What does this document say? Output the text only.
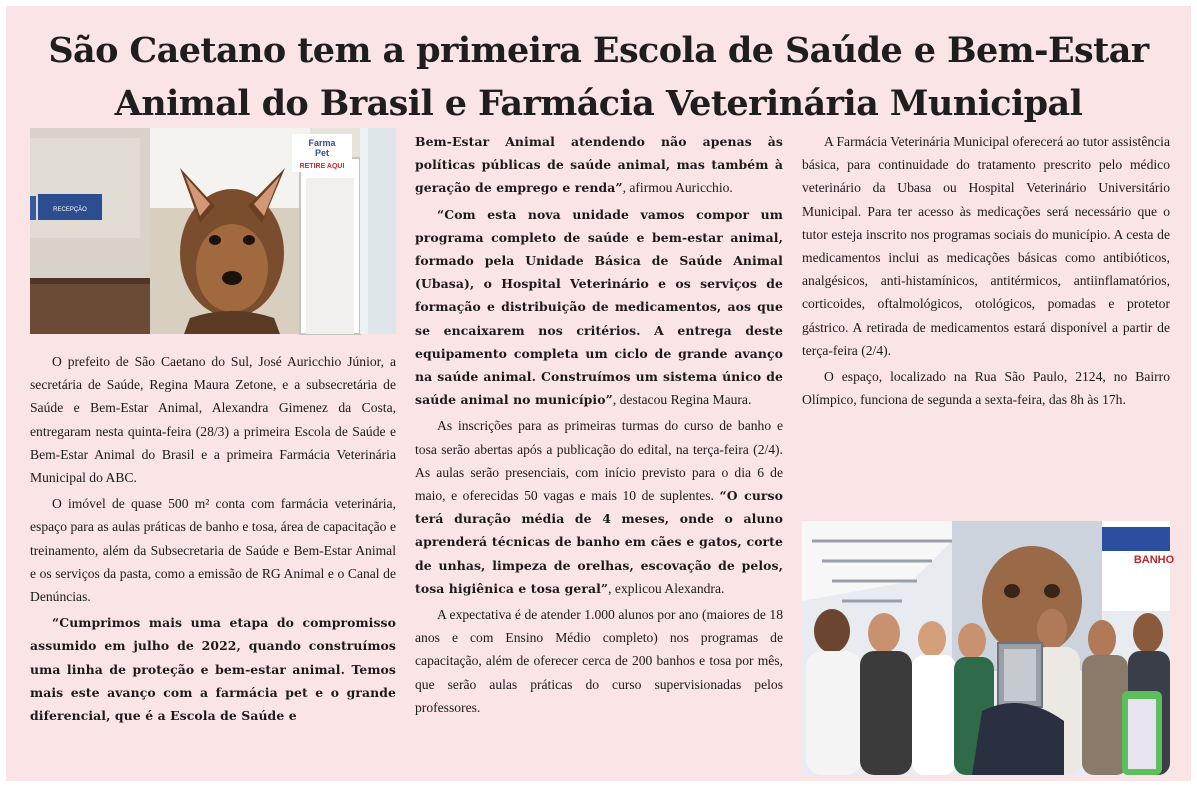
São Caetano tem a primeira Escola de Saúde e Bem-Estar
Animal do Brasil e Farmácia Veterinária Municipal
RECEPÇÃO
Farma
Pet
RETIRE AQUI

O prefeito de São Caetano do Sul, José Auricchio Júnior, a secretária de Saúde, Regina Maura Zetone, e a subsecretária de Saúde e Bem-Estar Animal, Alexandra Gimenez da Costa, entregaram nesta quinta-feira (28/3) a primeira Escola de Saúde e Bem-Estar Animal do Brasil e a primeira Farmácia Veterinária Municipal do ABC.

O imóvel de quase 500 m² conta com farmácia veterinária, espaço para as aulas práticas de banho e tosa, área de capacitação e treinamento, além da Subsecretaria de Saúde e Bem-Estar Animal e os serviços da pasta, como a emissão de RG Animal e o Canal de Denúncias.

“Cumprimos mais uma etapa do compromisso assumido em julho de 2022, quando construímos uma linha de proteção e bem-estar animal. Temos mais este avanço com a farmácia pet e o grande diferencial, que é a Escola de Saúde e

Bem-Estar Animal atendendo não apenas às políticas públicas de saúde animal, mas também à geração de emprego e renda”, afirmou Auricchio.

“Com esta nova unidade vamos compor um programa completo de saúde e bem-estar animal, formado pela Unidade Básica de Saúde Animal (Ubasa), o Hospital Veterinário e os serviços de formação e distribuição de medicamentos, aos que se encaixarem nos critérios. A entrega deste equipamento completa um ciclo de grande avanço na saúde animal. Construímos um sistema único de saúde animal no município”, destacou Regina Maura.

As inscrições para as primeiras turmas do curso de banho e tosa serão abertas após a publicação do edital, na terça-feira (2/4). As aulas serão presenciais, com início previsto para o dia 6 de maio, e oferecidas 50 vagas e mais 10 de suplentes. “O curso terá duração média de 4 meses, onde o aluno aprenderá técnicas de banho em cães e gatos, corte de unhas, limpeza de orelhas, escovação de pelos, tosa higiênica e tosa geral”, explicou Alexandra.

A expectativa é de atender 1.000 alunos por ano (maiores de 18 anos e com Ensino Médio completo) nos programas de capacitação, além de oferecer cerca de 200 banhos e tosa por mês, que serão aulas práticas do curso supervisionadas pelos professores.

A Farmácia Veterinária Municipal oferecerá ao tutor assistência básica, para continuidade do tratamento prescrito pelo médico veterinário da Ubasa ou Hospital Veterinário Universitário Municipal. Para ter acesso às medicações será necessário que o tutor esteja inscrito nos programas sociais do município. A cesta de medicamentos inclui as medicações básicas como antibióticos, analgésicos, anti-histamínicos, antitérmicos, antiinflamatórios, corticoides, oftalmológicos, otológicos, pomadas e protetor gástrico. A retirada de medicamentos estará disponível a partir de terça-feira (2/4).

O espaço, localizado na Rua São Paulo, 2124, no Bairro Olímpico, funciona de segunda a sexta-feira, das 8h às 17h.

BANHO
